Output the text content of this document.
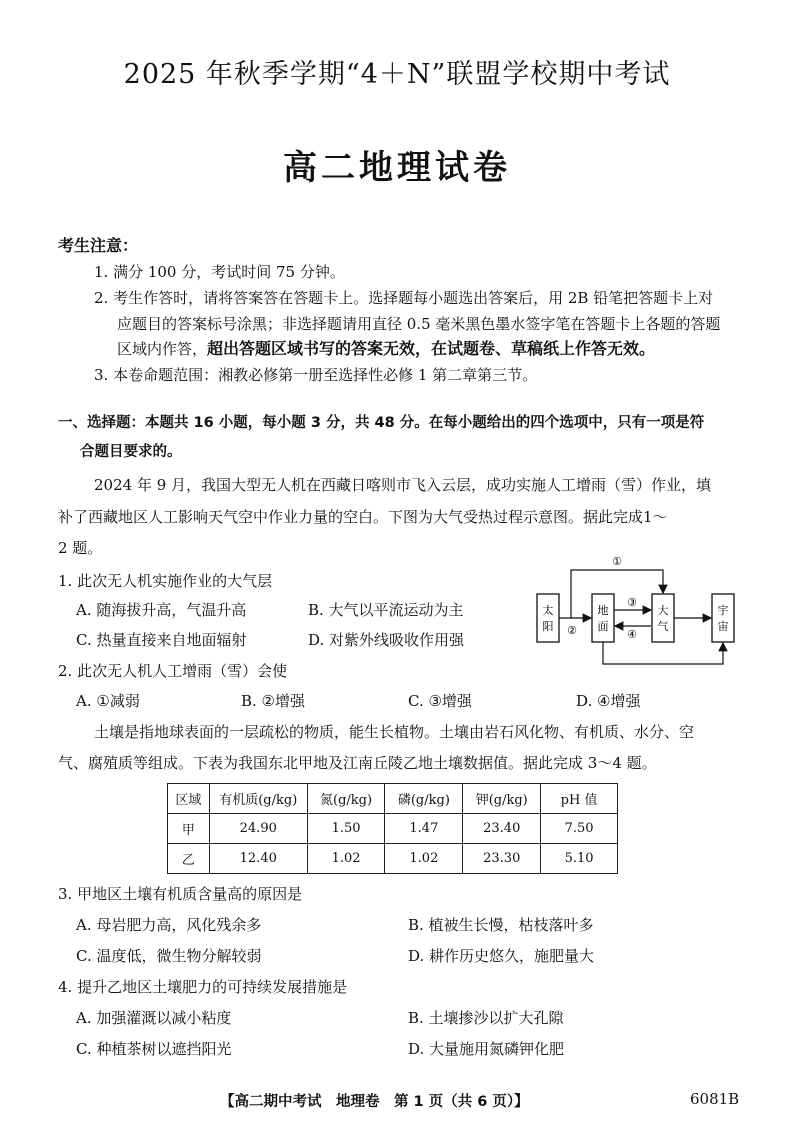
2025 年秋季学期“4＋N”联盟学校期中考试
高二地理试卷
考生注意：
1. 满分 100 分，考试时间 75 分钟。
2. 考生作答时，请将答案答在答题卡上。选择题每小题选出答案后，用 2B 铅笔把答题卡上对
应题目的答案标号涂黑；非选择题请用直径 0.5 毫米黑色墨水签字笔在答题卡上各题的答题
区域内作答，超出答题区域书写的答案无效，在试题卷、草稿纸上作答无效。
3. 本卷命题范围：湘教必修第一册至选择性必修 1 第二章第三节。
一、选择题：本题共 16 小题，每小题 3 分，共 48 分。在每小题给出的四个选项中，只有一项是符
合题目要求的。
2024 年 9 月，我国大型无人机在西藏日喀则市飞入云层，成功实施人工增雨（雪）作业，填
补了西藏地区人工影响天气空中作业力量的空白。下图为大气受热过程示意图。据此完成1～
2 题。
1. 此次无人机实施作业的大气层
A. 随海拔升高，气温升高	B. 大气以平流运动为主
C. 热量直接来自地面辐射	D. 对紫外线吸收作用强
2. 此次无人机人工增雨（雪）会使
A. ①减弱	B. ②增强	C. ③增强	D. ④增强
太
阳
地
面
大
气
宇
宙
②
①
③
④
土壤是指地球表面的一层疏松的物质，能生长植物。土壤由岩石风化物、有机质、水分、空
气、腐殖质等组成。下表为我国东北甲地及江南丘陵乙地土壤数据值。据此完成 3～4 题。
区域	有机质(g/kg)	氮(g/kg)	磷(g/kg)	钾(g/kg)	pH 值
甲	24.90	1.50	1.47	23.40	7.50
乙	12.40	1.02	1.02	23.30	5.10
3. 甲地区土壤有机质含量高的原因是
A. 母岩肥力高，风化残余多	B. 植被生长慢，枯枝落叶多
C. 温度低，微生物分解较弱	D. 耕作历史悠久，施肥量大
4. 提升乙地区土壤肥力的可持续发展措施是
A. 加强灌溉以减小粘度	B. 土壤掺沙以扩大孔隙
C. 种植茶树以遮挡阳光	D. 大量施用氮磷钾化肥
【高二期中考试　地理卷　第 1 页（共 6 页）】	6081B
